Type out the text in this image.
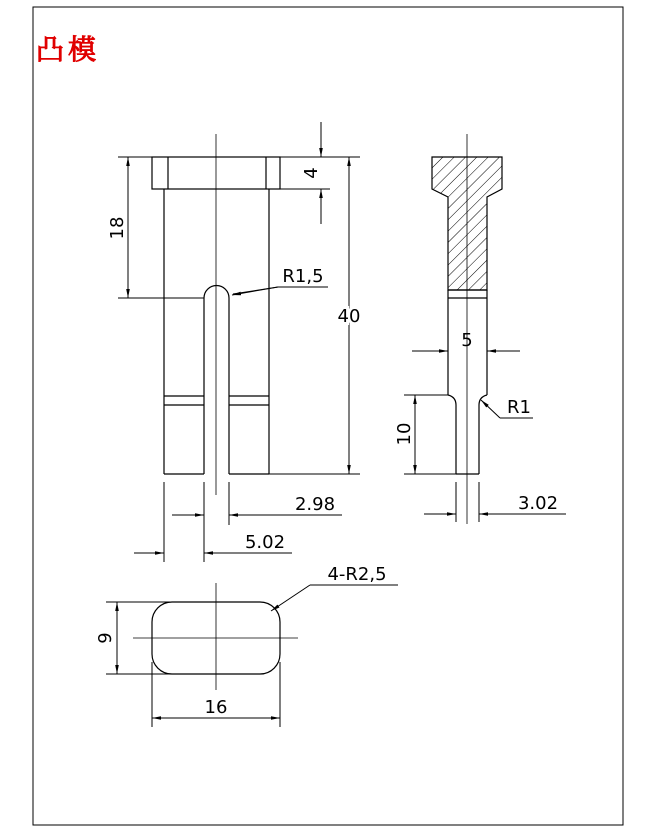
凸模
18
4
40
R1,5
2.98
5.02
5
10
R1
3.02
4-R2,5
9
16
